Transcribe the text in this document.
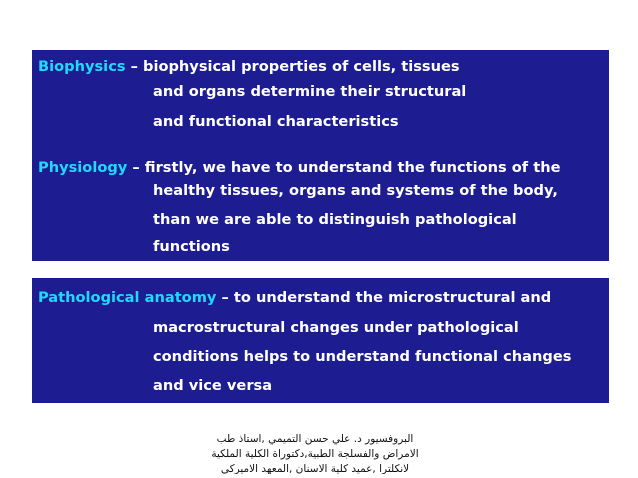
Biophysics – biophysical properties of cells, tissues
and organs determine their structural
and functional characteristics
Physiology – firstly, we have to understand the functions of the
healthy tissues, organs and systems of the body,
than we are able to distinguish pathological
functions
Pathological anatomy – to understand the microstructural and
macrostructural changes under pathological
conditions helps to understand functional changes
and vice versa
البروفسيور د. علي حسن التميمي ,استاذ طب
الامراض والفسلجة الطبية,دكتوراة الكلية الملكية
لانكلترا ,عميد كلية الاسنان ,المعهد الاميركي
